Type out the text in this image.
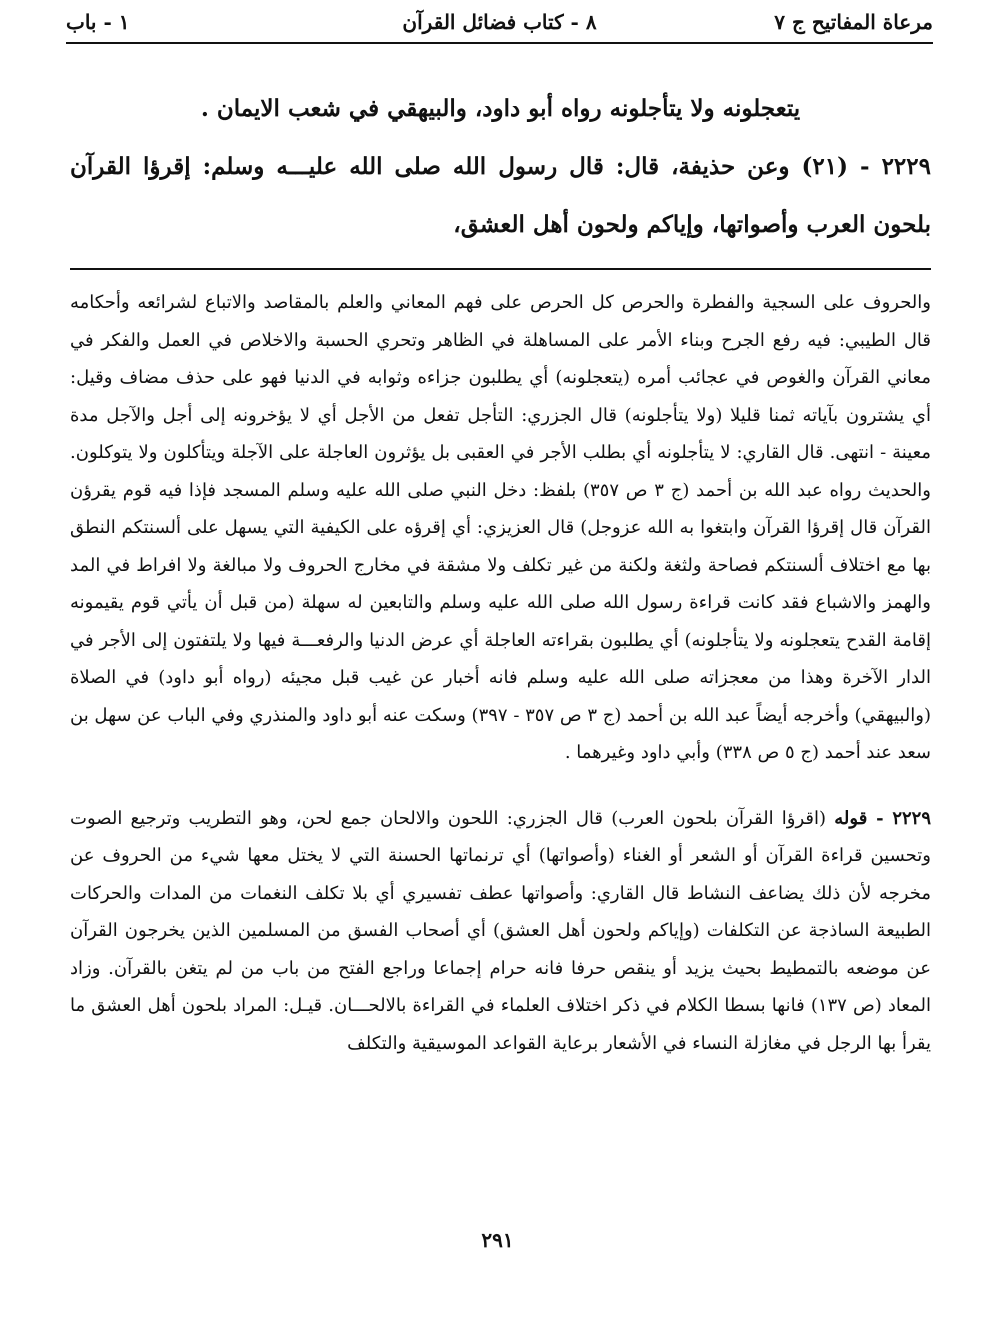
مرعاة المفاتيح ج ٧
٨ - كتاب فضائل القرآن
١ - باب

يتعجلونه ولا يتأجلونه رواه أبو داود، والبيهقي في شعب الايمان .

٢٢٢٩ - (٢١) وعن حذيفة، قال: قال رسول الله صلى الله عليـــه وسلم: إقرؤا القرآن بلحون العرب وأصواتها، وإياكم ولحون أهل العشق،

والحروف على السجية والفطرة والحرص كل الحرص على فهم المعاني والعلم بالمقاصد والاتباع لشرائعه وأحكامه قال الطيبي: فيه رفع الجرح وبناء الأمر على المساهلة في الظاهر وتحري الحسبة والاخلاص في العمل والفكر في معاني القرآن والغوص في عجائب أمره (يتعجلونه) أي يطلبون جزاءه وثوابه في الدنيا فهو على حذف مضاف وقيل: أي يشترون بآياته ثمنا قليلا (ولا يتأجلونه) قال الجزري: التأجل تفعل من الأجل أي لا يؤخرونه إلى أجل والآجل مدة معينة - انتهى. قال القاري: لا يتأجلونه أي بطلب الأجر في العقبى بل يؤثرون العاجلة على الآجلة ويتأكلون ولا يتوكلون. والحديث رواه عبد الله بن أحمد (ج ٣ ص ٣٥٧) بلفظ: دخل النبي صلى الله عليه وسلم المسجد فإذا فيه قوم يقرؤن القرآن قال إقرؤا القرآن وابتغوا به الله عزوجل) قال العزيزي: أي إقرؤه على الكيفية التي يسهل على ألسنتكم النطق بها مع اختلاف ألسنتكم فصاحة ولثغة ولكنة من غير تكلف ولا مشقة في مخارج الحروف ولا مبالغة ولا افراط في المد والهمز والاشباع فقد كانت قراءة رسول الله صلى الله عليه وسلم والتابعين له سهلة (من قبل أن يأتي قوم يقيمونه إقامة القدح يتعجلونه ولا يتأجلونه) أي يطلبون بقراءته العاجلة أي عرض الدنيا والرفعـــة فيها ولا يلتفتون إلى الأجر في الدار الآخرة وهذا من معجزاته صلى الله عليه وسلم فانه أخبار عن غيب قبل مجيئه (رواه أبو داود) في الصلاة (والبيهقي) وأخرجه أيضاً عبد الله بن أحمد (ج ٣ ص ٣٥٧ - ٣٩٧) وسكت عنه أبو داود والمنذري وفي الباب عن سهل بن سعد عند أحمد (ج ٥ ص ٣٣٨) وأبي داود وغيرهما .

٢٢٢٩ - قوله (اقرؤا القرآن بلحون العرب) قال الجزري: اللحون والالحان جمع لحن، وهو التطريب وترجيع الصوت وتحسين قراءة القرآن أو الشعر أو الغناء (وأصواتها) أي ترنماتها الحسنة التي لا يختل معها شيء من الحروف عن مخرجه لأن ذلك يضاعف النشاط قال القاري: وأصواتها عطف تفسيري أي بلا تكلف النغمات من المدات والحركات الطبيعة الساذجة عن التكلفات (وإياكم ولحون أهل العشق) أي أصحاب الفسق من المسلمين الذين يخرجون القرآن عن موضعه بالتمطيط بحيث يزيد أو ينقص حرفا فانه حرام إجماعا وراجع الفتح من باب من لم يتغن بالقرآن. وزاد المعاد (ص ١٣٧) فانها بسطا الكلام في ذكر اختلاف العلماء في القراءة بالالحـــان. قيـل: المراد بلحون أهل العشق ما يقرأ بها الرجل في مغازلة النساء في الأشعار برعاية القواعد الموسيقية والتكلف

٢٩١
